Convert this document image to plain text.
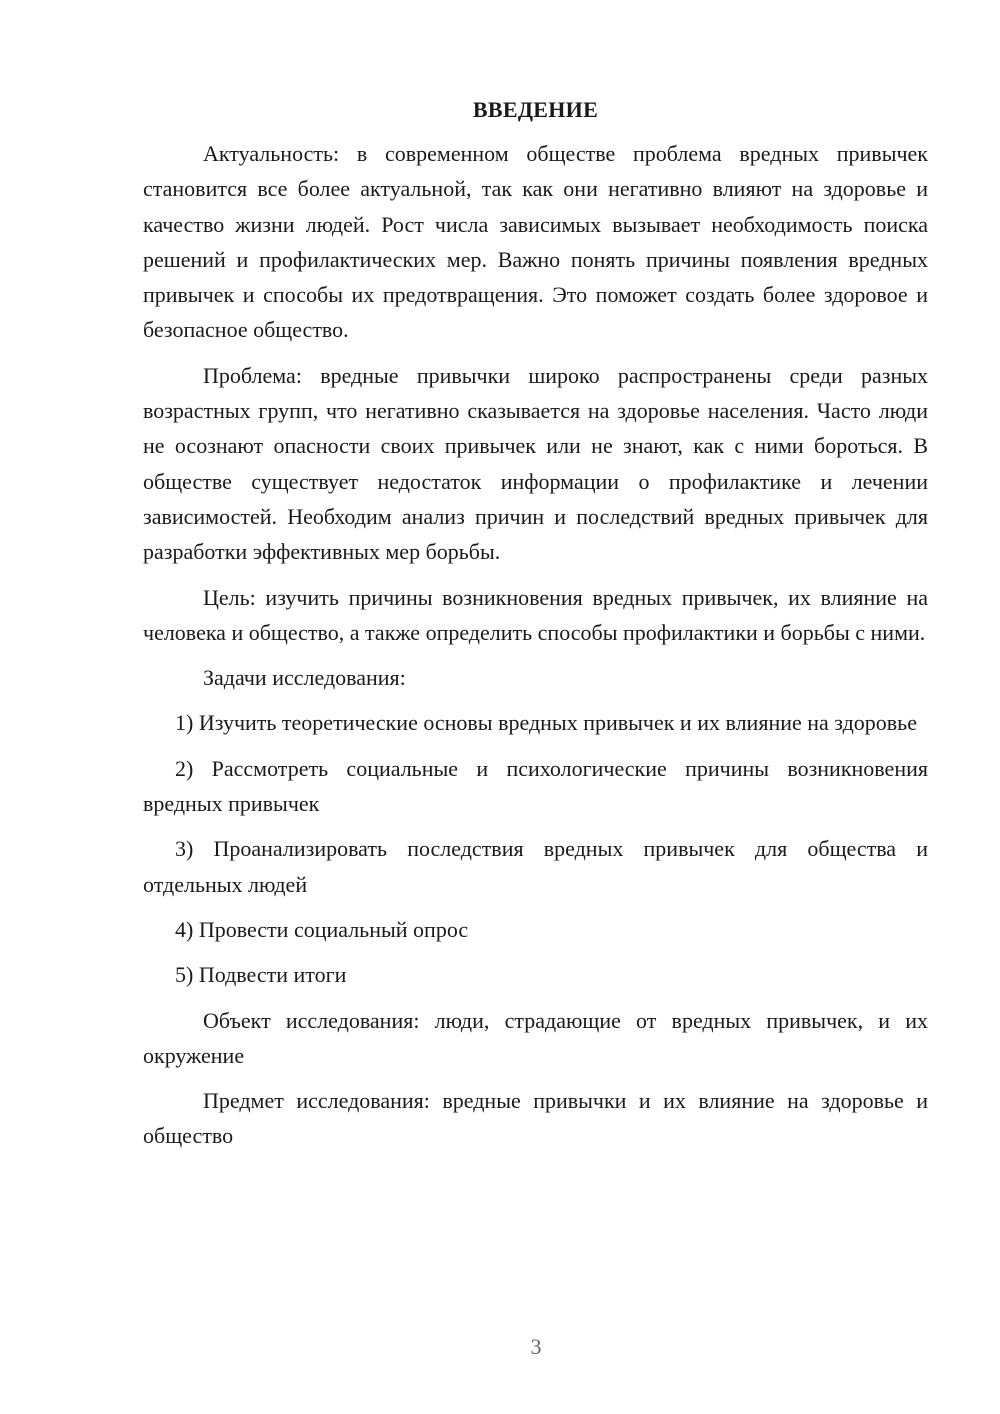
ВВЕДЕНИЕ

Актуальность: в современном обществе проблема вредных привычек становится все более актуальной, так как они негативно влияют на здоровье и качество жизни людей. Рост числа зависимых вызывает необходимость поиска решений и профилактических мер. Важно понять причины появления вредных привычек и способы их предотвращения. Это поможет создать более здоровое и безопасное общество.

Проблема: вредные привычки широко распространены среди разных возрастных групп, что негативно сказывается на здоровье населения. Часто люди не осознают опасности своих привычек или не знают, как с ними бороться. В обществе существует недостаток информации о профилактике и лечении зависимостей. Необходим анализ причин и последствий вредных привычек для разработки эффективных мер борьбы.

Цель: изучить причины возникновения вредных привычек, их влияние на человека и общество, а также определить способы профилактики и борьбы с ними.

Задачи исследования:

1) Изучить теоретические основы вредных привычек и их влияние на здоровье

2) Рассмотреть социальные и психологические причины возникновения вредных привычек

3) Проанализировать последствия вредных привычек для общества и отдельных людей

4) Провести социальный опрос

5) Подвести итоги

Объект исследования: люди, страдающие от вредных привычек, и их окружение

Предмет исследования: вредные привычки и их влияние на здоровье и общество

3
